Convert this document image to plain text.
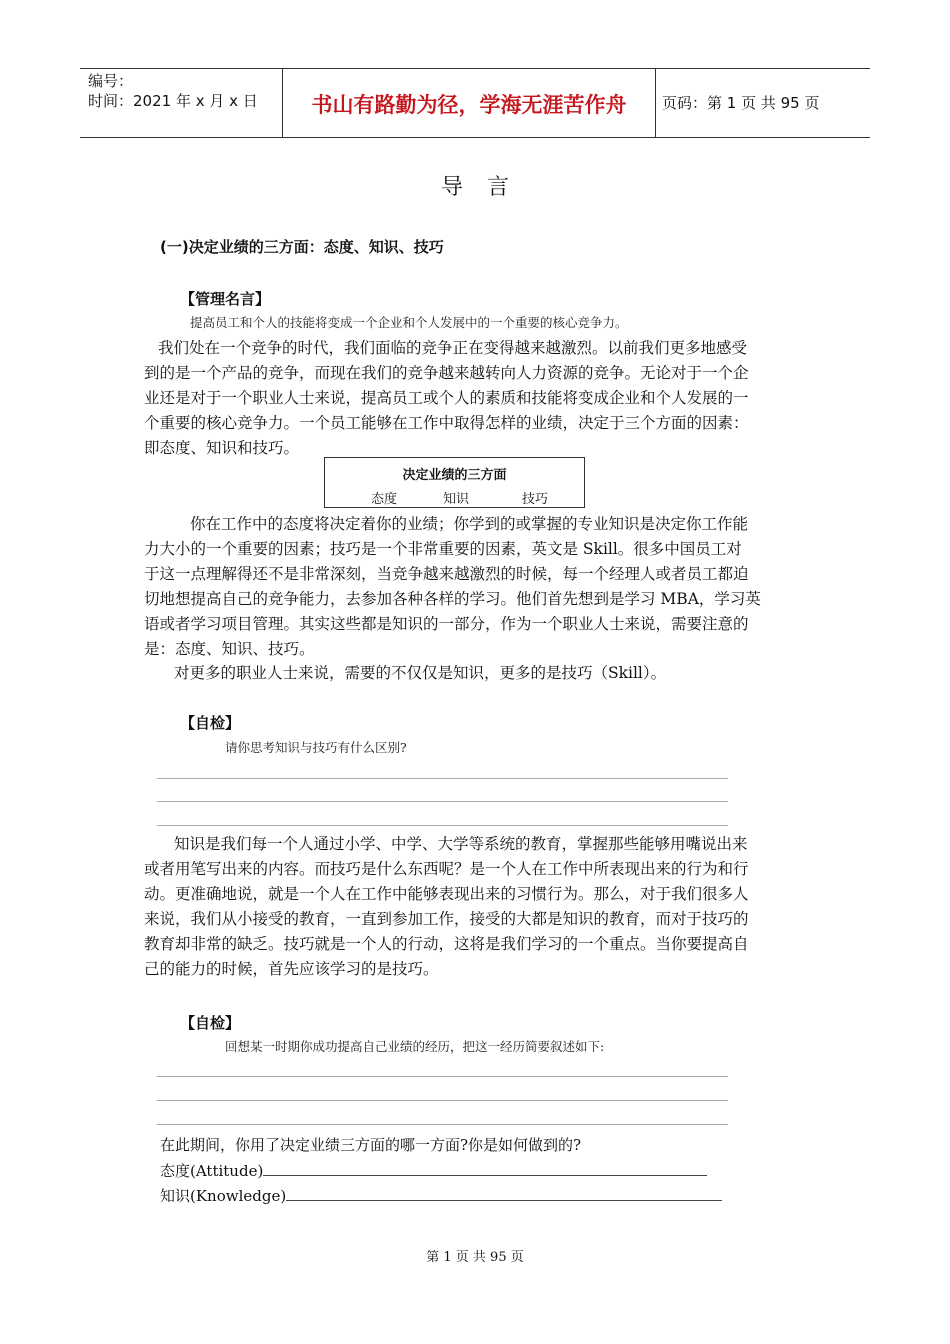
编号：
时间：2021 年 x 月 x 日	书山有路勤为径，学海无涯苦作舟	页码：第 1 页 共 95 页
导言
(一)决定业绩的三方面：态度、知识、技巧
【管理名言】
提高员工和个人的技能将变成一个企业和个人发展中的一个重要的核心竞争力。
我们处在一个竞争的时代，我们面临的竞争正在变得越来越激烈。以前我们更多地感受
到的是一个产品的竞争，而现在我们的竞争越来越转向人力资源的竞争。无论对于一个企
业还是对于一个职业人士来说，提高员工或个人的素质和技能将变成企业和个人发展的一
个重要的核心竞争力。一个员工能够在工作中取得怎样的业绩，决定于三个方面的因素：
即态度、知识和技巧。
决定业绩的三方面
态度	知识	技巧
你在工作中的态度将决定着你的业绩；你学到的或掌握的专业知识是决定你工作能
力大小的一个重要的因素；技巧是一个非常重要的因素，英文是 Skill。很多中国员工对
于这一点理解得还不是非常深刻，当竞争越来越激烈的时候，每一个经理人或者员工都迫
切地想提高自己的竞争能力，去参加各种各样的学习。他们首先想到是学习 MBA，学习英
语或者学习项目管理。其实这些都是知识的一部分，作为一个职业人士来说，需要注意的
是：态度、知识、技巧。
对更多的职业人士来说，需要的不仅仅是知识，更多的是技巧（Skill）。
【自检】
请你思考知识与技巧有什么区别?
知识是我们每一个人通过小学、中学、大学等系统的教育，掌握那些能够用嘴说出来
或者用笔写出来的内容。而技巧是什么东西呢？是一个人在工作中所表现出来的行为和行
动。更准确地说，就是一个人在工作中能够表现出来的习惯行为。那么，对于我们很多人
来说，我们从小接受的教育，一直到参加工作，接受的大都是知识的教育，而对于技巧的
教育却非常的缺乏。技巧就是一个人的行动，这将是我们学习的一个重点。当你要提高自
己的能力的时候，首先应该学习的是技巧。
【自检】
回想某一时期你成功提高自己业绩的经历，把这一经历简要叙述如下:
在此期间，你用了决定业绩三方面的哪一方面?你是如何做到的?
态度(Attitude)
知识(Knowledge)
第 1 页 共 95 页
